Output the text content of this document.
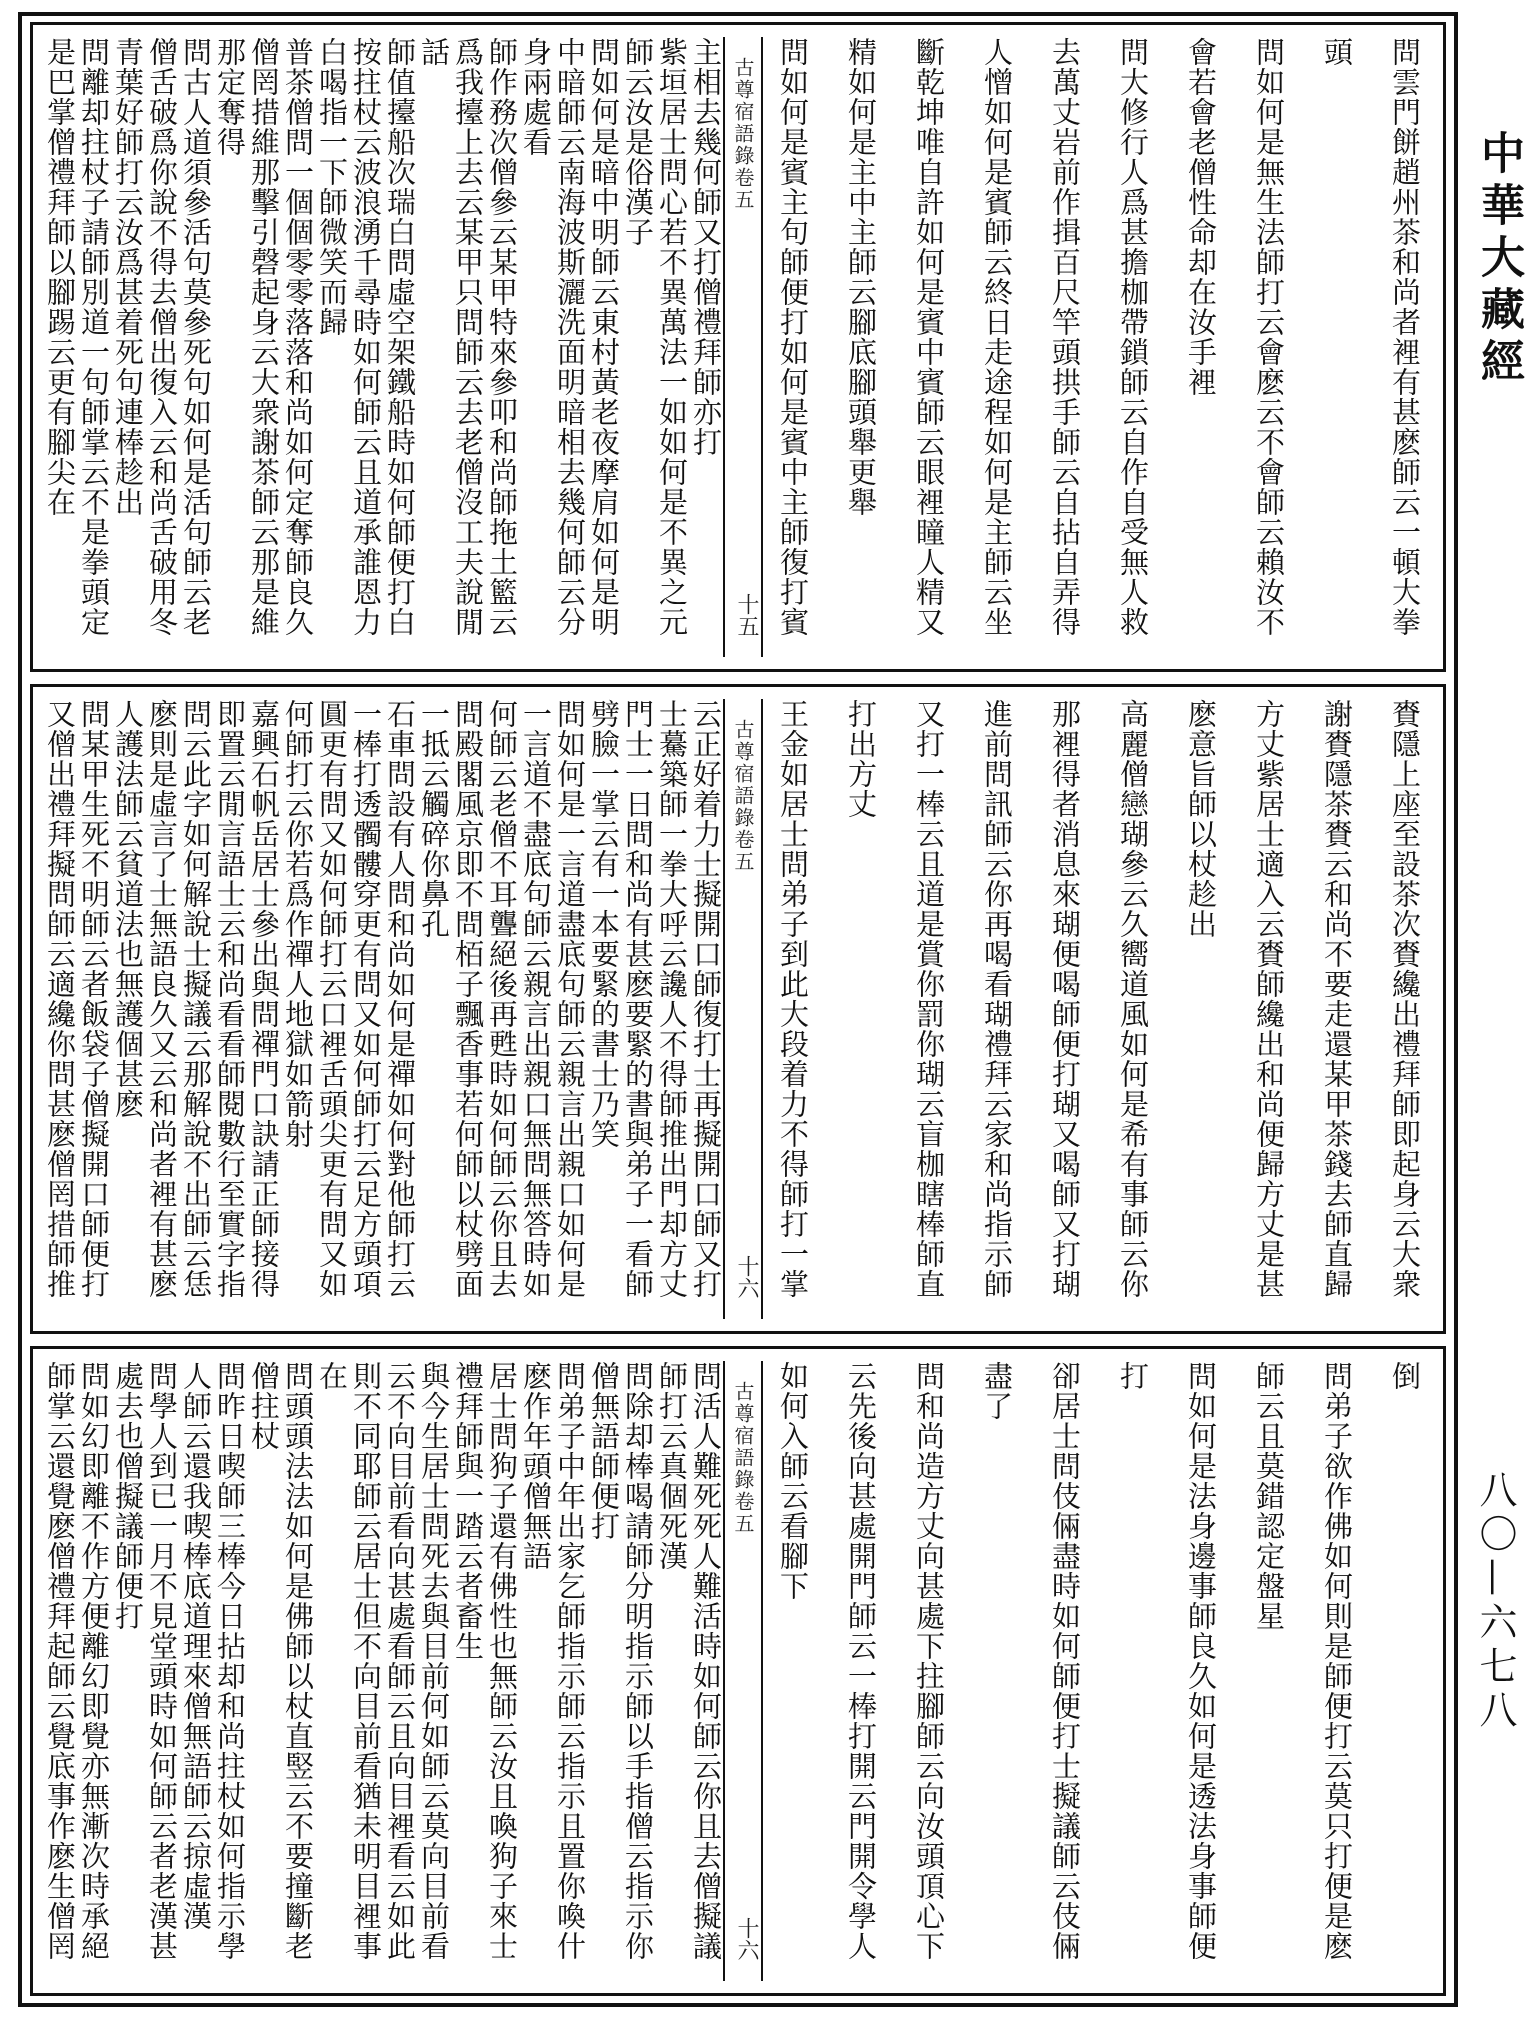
中華大藏經
八〇—六七八
問雲門餅趙州茶和尚者裡有甚麽師云一頓大拳
頭
問如何是無生法師打云會麽云不會師云賴汝不
會若會老僧性命却在汝手裡
問大修行人爲甚擔枷帶鎖師云自作自受無人救
去萬丈岩前作揖百尺竿頭拱手師云自拈自弄得
人憎如何是賓師云終日走途程如何是主師云坐
斷乾坤唯自許如何是賓中賓師云眼裡瞳人精又
精如何是主中主師云腳底腳頭舉更舉
問如何是賓主句師便打如何是賓中主師復打賓
古尊宿語錄卷五
十五
主相去幾何師又打僧禮拜師亦打
紫垣居士問心若不異萬法一如如何是不異之元
師云汝是俗漢子
問如何是暗中明師云東村黃老夜摩肩如何是明
中暗師云南海波斯灑洗面明暗相去幾何師云分
身兩處看
師作務次僧參云某甲特來參叩和尚師拖土籃云
爲我擡上去云某甲只問師云去老僧沒工夫說閒
話
師值擡船次瑞白問虛空架鐵船時如何師便打白
按拄杖云波浪湧千尋時如何師云且道承誰恩力
白喝指一下師微笑而歸
普茶僧問一個個零零落落和尚如何定奪師良久
僧罔措維那擊引磬起身云大衆謝茶師云那是維
那定奪得
問古人道須參活句莫參死句如何是活句師云老
僧舌破爲你說不得去僧出復入云和尚舌破用冬
青葉好師打云汝爲甚着死句連棒趁出
問離却拄杖子請師別道一句師掌云不是拳頭定
是巴掌僧禮拜師以腳踢云更有腳尖在
賚隱上座至設茶次賚纔出禮拜師即起身云大衆
謝賚隱茶賚云和尚不要走還某甲茶錢去師直歸
方丈紫居士適入云賚師纔出和尚便歸方丈是甚
麽意旨師以杖趁出
高麗僧戀瑚參云久嚮道風如何是希有事師云你
那裡得者消息來瑚便喝師便打瑚又喝師又打瑚
進前問訊師云你再喝看瑚禮拜云家和尚指示師
又打一棒云且道是賞你罰你瑚云盲枷瞎棒師直
打出方丈
王金如居士問弟子到此大段着力不得師打一掌
古尊宿語錄卷五
十六
云正好着力士擬開口師復打士再擬開口師又打
士驀築師一拳大呼云讒人不得師推出門却方丈
門士一日問和尚有甚麽要緊的書與弟子一看師
劈臉一掌云有一本要緊的書士乃笑
問如何是一言道盡底句師云親言出親口如何是
一言道不盡底句師云親言出親口無問無答時如
何師云老僧不耳聾絕後再甦時如何師云你且去
問殿閣風京即不問栢子飄香事若何師以杖劈面
一抵云觸碎你鼻孔
石車問設有人問和尚如何是禪如何對他師打云
一棒打透髑髏穿更有問又如何師打云足方頭項
圓更有問又如何師打云口裡舌頭尖更有問又如
何師打云你若爲作禪人地獄如箭射
嘉興石帆岳居士參出與問禪門口訣請正師接得
即置云閒言語士云和尚看看師閱數行至實字指
問云此字如何解說士擬議云那解說不出師云恁
麽則是虛言了士無語良久又云和尚者裡有甚麽
人護法師云貧道法也無護個甚麽
問某甲生死不明師云者飯袋子僧擬開口師便打
又僧出禮拜擬問師云適纔你問甚麽僧罔措師推
倒
問弟子欲作佛如何則是師便打云莫只打便是麽
師云且莫錯認定盤星
問如何是法身邊事師良久如何是透法身事師便
打
卻居士問伎倆盡時如何師便打士擬議師云伎倆
盡了
問和尚造方丈向甚處下拄腳師云向汝頭頂心下
云先後向甚處開門師云一棒打開云門開令學人
如何入師云看腳下
古尊宿語錄卷五
十六
問活人難死死人難活時如何師云你且去僧擬議
師打云真個死漢
問除却棒喝請師分明指示師以手指僧云指示你
僧無語師便打
問弟子中年出家乞師指示師云指示且置你喚什
麽作年頭僧無語
居士問狗子還有佛性也無師云汝且喚狗子來士
禮拜師與一踏云者畜生
與今生居士問死去與目前何如師云莫向目前看
云不向目前看向甚處看師云且向目裡看云如此
則不同耶師云居士但不向目前看猶未明目裡事
在
問頭頭法法如何是佛師以杖直竪云不要撞斷老
僧拄杖
問昨日喫師三棒今日拈却和尚拄杖如何指示學
人師云還我喫棒底道理來僧無語師云掠虛漢
問學人到已一月不見堂頭時如何師云者老漢甚
處去也僧擬議師便打
問如幻即離不作方便離幻即覺亦無漸次時承絕
師掌云還覺麽僧禮拜起師云覺底事作麽生僧罔
